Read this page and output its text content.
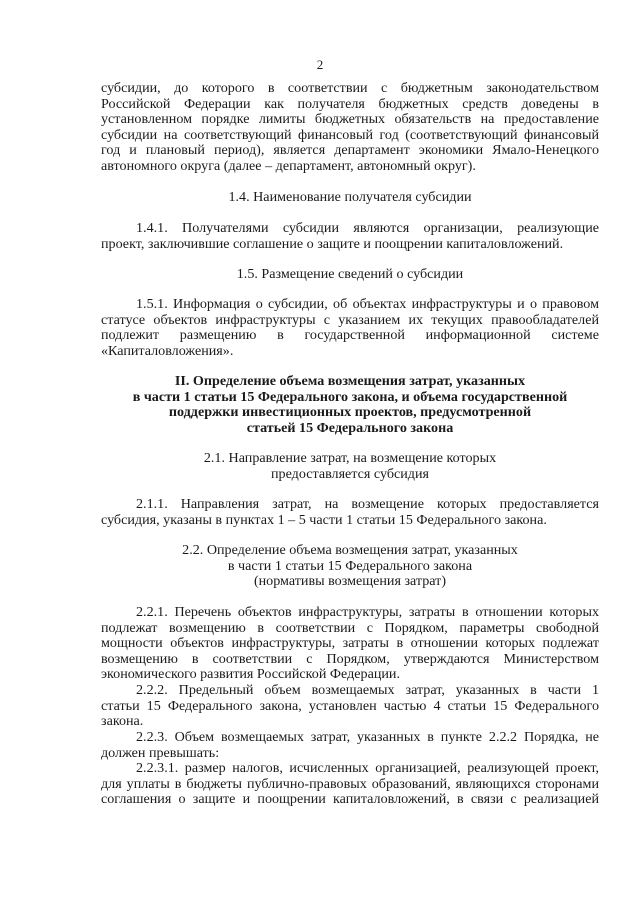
2
субсидии, до которого в соответствии с бюджетным законодательством
Российской Федерации как получателя бюджетных средств доведены в
установленном порядке лимиты бюджетных обязательств на предоставление
субсидии на соответствующий финансовый год (соответствующий финансовый
год и плановый период), является департамент экономики Ямало-Ненецкого
автономного округа (далее – департамент, автономный округ).
1.4. Наименование получателя субсидии
1.4.1. Получателями субсидии являются организации, реализующие
проект, заключившие соглашение о защите и поощрении капиталовложений.
1.5. Размещение сведений о субсидии
1.5.1. Информация о субсидии, об объектах инфраструктуры и о правовом
статусе объектов инфраструктуры с указанием их текущих правообладателей
подлежит размещению в государственной информационной системе
«Капиталовложения».
II. Определение объема возмещения затрат, указанных
в части 1 статьи 15 Федерального закона, и объема государственной
поддержки инвестиционных проектов, предусмотренной
статьей 15 Федерального закона
2.1. Направление затрат, на возмещение которых
предоставляется субсидия
2.1.1. Направления затрат, на возмещение которых предоставляется
субсидия, указаны в пунктах 1 – 5 части 1 статьи 15 Федерального закона.
2.2. Определение объема возмещения затрат, указанных
в части 1 статьи 15 Федерального закона
(нормативы возмещения затрат)
2.2.1. Перечень объектов инфраструктуры, затраты в отношении которых
подлежат возмещению в соответствии с Порядком, параметры свободной
мощности объектов инфраструктуры, затраты в отношении которых подлежат
возмещению в соответствии с Порядком, утверждаются Министерством
экономического развития Российской Федерации.
2.2.2. Предельный объем возмещаемых затрат, указанных в части 1
статьи 15 Федерального закона, установлен частью 4 статьи 15 Федерального
закона.
2.2.3. Объем возмещаемых затрат, указанных в пункте 2.2.2 Порядка, не
должен превышать:
2.2.3.1. размер налогов, исчисленных организацией, реализующей проект,
для уплаты в бюджеты публично-правовых образований, являющихся сторонами
соглашения о защите и поощрении капиталовложений, в связи с реализацией
